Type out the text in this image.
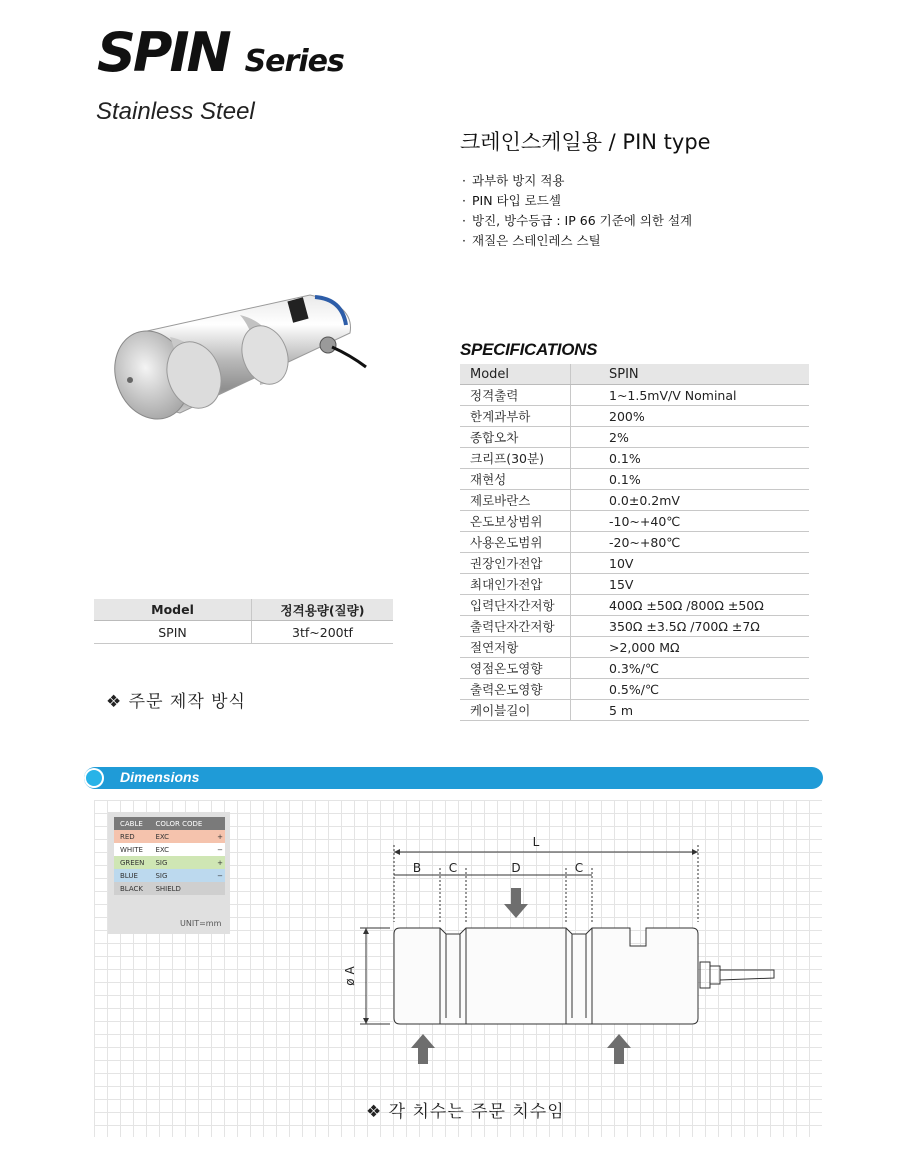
SPIN Series
Stainless Steel
크레인스케일용 / PIN type
· 과부하 방지 적용
· PIN 타입 로드셀
· 방진, 방수등급 : IP 66 기준에 의한 설계
· 재질은 스테인레스 스틸
SPECIFICATIONS
Model	SPIN
정격출력	1~1.5mV/V Nominal
한계과부하	200%
종합오차	2%
크리프(30분)	0.1%
재현성	0.1%
제로바란스	0.0±0.2mV
온도보상범위	-10~+40℃
사용온도범위	-20~+80℃
권장인가전압	10V
최대인가전압	15V
입력단자간저항	400Ω ±50Ω /800Ω ±50Ω
출력단자간저항	350Ω ±3.5Ω /700Ω ±7Ω
절연저항	>2,000 MΩ
영점온도영향	0.3%/℃
출력온도영향	0.5%/℃
케이블길이	5 m
Model	정격용량(질량)
SPIN	3tf~200tf
❖ 주문 제작 방식
Dimensions
CABLE	COLOR CODE	
RED	EXC	+
WHITE	EXC	−
GREEN	SIG	+
BLUE	SIG	−
BLACK	SHIELD	
UNIT=mm
L
B C	D	C
ø A
❖ 각 치수는 주문 치수임
